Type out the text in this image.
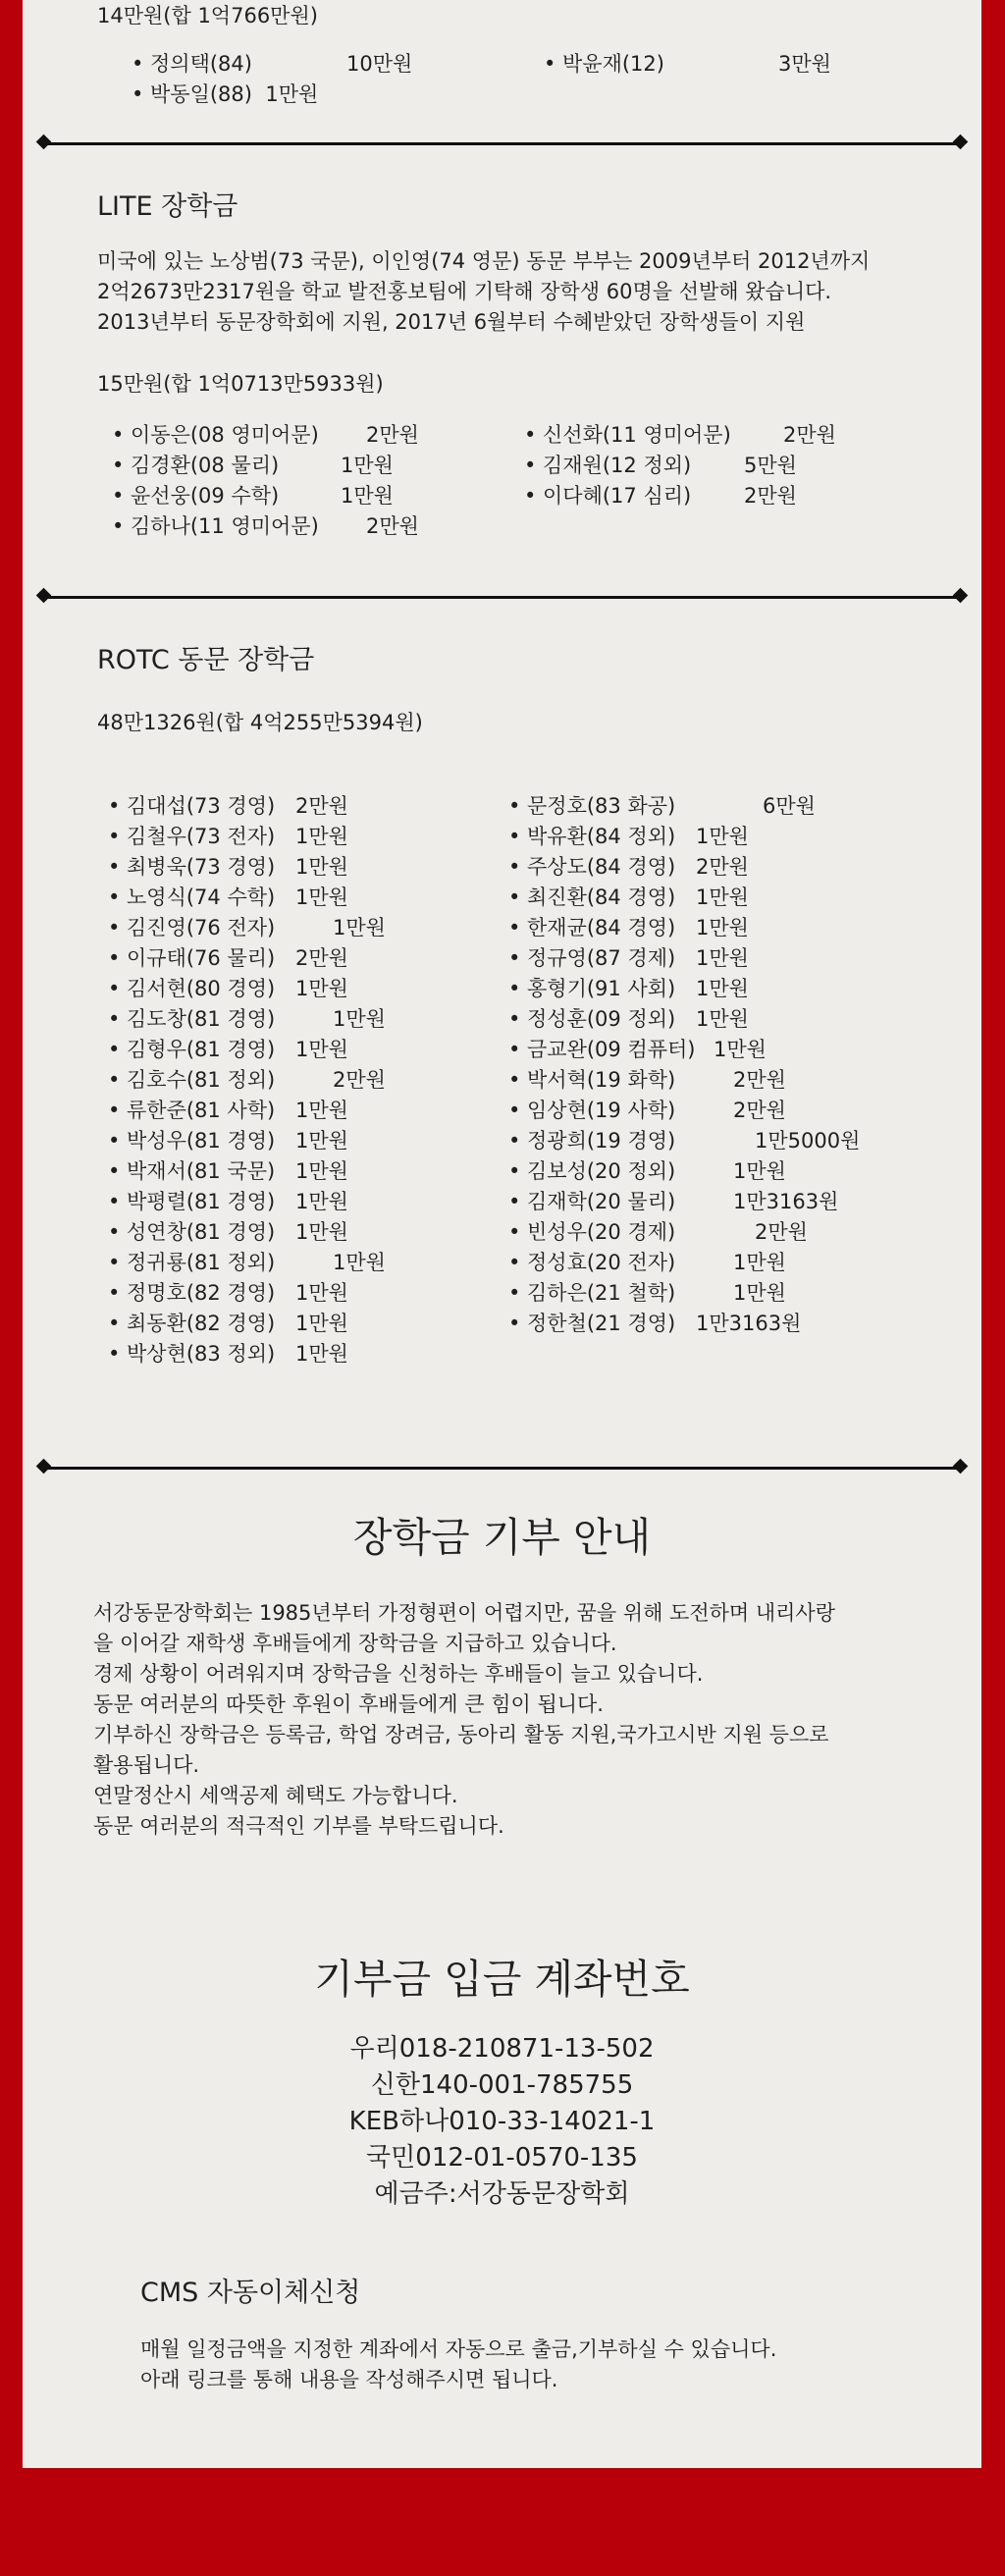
14만원(합 1억766만원)
• 정의택(84)	10만원
• 박동일(88) 1만원
• 박윤재(12)	3만원
LITE 장학금
미국에 있는 노상범(73 국문), 이인영(74 영문) 동문 부부는 2009년부터 2012년까지
2억2673만2317원을 학교 발전홍보팀에 기탁해 장학생 60명을 선발해 왔습니다.
2013년부터 동문장학회에 지원, 2017년 6월부터 수혜받았던 장학생들이 지원
15만원(합 1억0713만5933원)
• 이동은(08 영미어문) 2만원
• 김경환(08 물리)	1만원
• 윤선웅(09 수학)	1만원
• 김하나(11 영미어문) 2만원
• 신선화(11 영미어문)	2만원
• 김재원(12 정외)	5만원
• 이다혜(17 심리)	2만원
ROTC 동문 장학금
48만1326원(합 4억255만5394원)
• 김대섭(73 경영) 2만원
• 김철우(73 전자) 1만원
• 최병욱(73 경영) 1만원
• 노영식(74 수학) 1만원
• 김진영(76 전자)	1만원
• 이규태(76 물리) 2만원
• 김서현(80 경영) 1만원
• 김도창(81 경영)	1만원
• 김형우(81 경영) 1만원
• 김호수(81 정외)	2만원
• 류한준(81 사학) 1만원
• 박성우(81 경영) 1만원
• 박재서(81 국문) 1만원
• 박평렬(81 경영) 1만원
• 성연창(81 경영) 1만원
• 정귀룡(81 정외)	1만원
• 정명호(82 경영) 1만원
• 최동환(82 경영) 1만원
• 박상현(83 정외) 1만원
• 문정호(83 화공)	6만원
• 박유환(84 정외) 1만원
• 주상도(84 경영) 2만원
• 최진환(84 경영) 1만원
• 한재균(84 경영) 1만원
• 정규영(87 경제) 1만원
• 홍형기(91 사회) 1만원
• 정성훈(09 정외) 1만원
• 금교완(09 컴퓨터) 1만원
• 박서혁(19 화학)	2만원
• 임상현(19 사학)	2만원
• 정광희(19 경영)	1만5000원
• 김보성(20 정외)	1만원
• 김재학(20 물리)	1만3163원
• 빈성우(20 경제)	2만원
• 정성효(20 전자)	1만원
• 김하은(21 철학)	1만원
• 정한철(21 경영) 1만3163원
장학금 기부 안내
서강동문장학회는 1985년부터 가정형편이 어렵지만, 꿈을 위해 도전하며 내리사랑
을 이어갈 재학생 후배들에게 장학금을 지급하고 있습니다.
경제 상황이 어려워지며 장학금을 신청하는 후배들이 늘고 있습니다.
동문 여러분의 따뜻한 후원이 후배들에게 큰 힘이 됩니다.
기부하신 장학금은 등록금, 학업 장려금, 동아리 활동 지원,국가고시반 지원 등으로
활용됩니다.
연말정산시 세액공제 혜택도 가능합니다.
동문 여러분의 적극적인 기부를 부탁드립니다.
기부금 입금 계좌번호
우리018-210871-13-502
신한140-001-785755
KEB하나010-33-14021-1
국민012-01-0570-135
예금주:서강동문장학회
CMS 자동이체신청
매월 일정금액을 지정한 계좌에서 자동으로 출금,기부하실 수 있습니다.
아래 링크를 통해 내용을 작성해주시면 됩니다.
